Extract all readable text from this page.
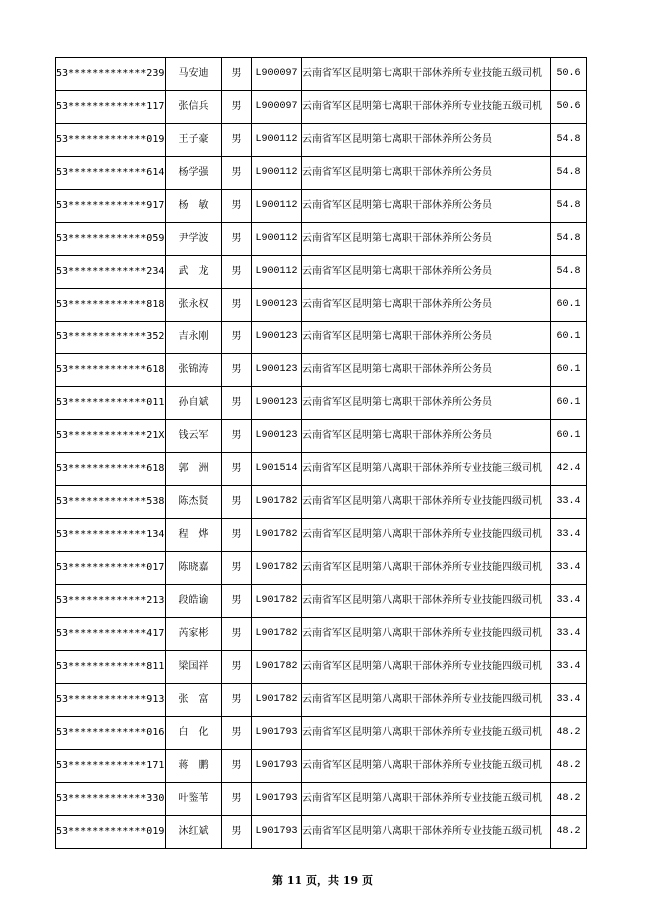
53*************239	马安迪	男	L900097	云南省军区昆明第七离职干部休养所专业技能五级司机	50.6
53*************117	张信兵	男	L900097	云南省军区昆明第七离职干部休养所专业技能五级司机	50.6
53*************019	王子豪	男	L900112	云南省军区昆明第七离职干部休养所公务员	54.8
53*************614	杨学强	男	L900112	云南省军区昆明第七离职干部休养所公务员	54.8
53*************917	杨　敏	男	L900112	云南省军区昆明第七离职干部休养所公务员	54.8
53*************059	尹学波	男	L900112	云南省军区昆明第七离职干部休养所公务员	54.8
53*************234	武　龙	男	L900112	云南省军区昆明第七离职干部休养所公务员	54.8
53*************818	张永权	男	L900123	云南省军区昆明第七离职干部休养所公务员	60.1
53*************352	吉永刚	男	L900123	云南省军区昆明第七离职干部休养所公务员	60.1
53*************618	张锦涛	男	L900123	云南省军区昆明第七离职干部休养所公务员	60.1
53*************011	孙自斌	男	L900123	云南省军区昆明第七离职干部休养所公务员	60.1
53*************21X	钱云军	男	L900123	云南省军区昆明第七离职干部休养所公务员	60.1
53*************618	郭　洲	男	L901514	云南省军区昆明第八离职干部休养所专业技能三级司机	42.4
53*************538	陈杰贤	男	L901782	云南省军区昆明第八离职干部休养所专业技能四级司机	33.4
53*************134	程　烨	男	L901782	云南省军区昆明第八离职干部休养所专业技能四级司机	33.4
53*************017	陈晓嘉	男	L901782	云南省军区昆明第八离职干部休养所专业技能四级司机	33.4
53*************213	段皓谕	男	L901782	云南省军区昆明第八离职干部休养所专业技能四级司机	33.4
53*************417	芮家彬	男	L901782	云南省军区昆明第八离职干部休养所专业技能四级司机	33.4
53*************811	梁国祥	男	L901782	云南省军区昆明第八离职干部休养所专业技能四级司机	33.4
53*************913	张　富	男	L901782	云南省军区昆明第八离职干部休养所专业技能四级司机	33.4
53*************016	白　化	男	L901793	云南省军区昆明第八离职干部休养所专业技能五级司机	48.2
53*************171	蒋　鹏	男	L901793	云南省军区昆明第八离职干部休养所专业技能五级司机	48.2
53*************330	叶鉴苇	男	L901793	云南省军区昆明第八离职干部休养所专业技能五级司机	48.2
53*************019	沐红斌	男	L901793	云南省军区昆明第八离职干部休养所专业技能五级司机	48.2
第 11 页，共 19 页
